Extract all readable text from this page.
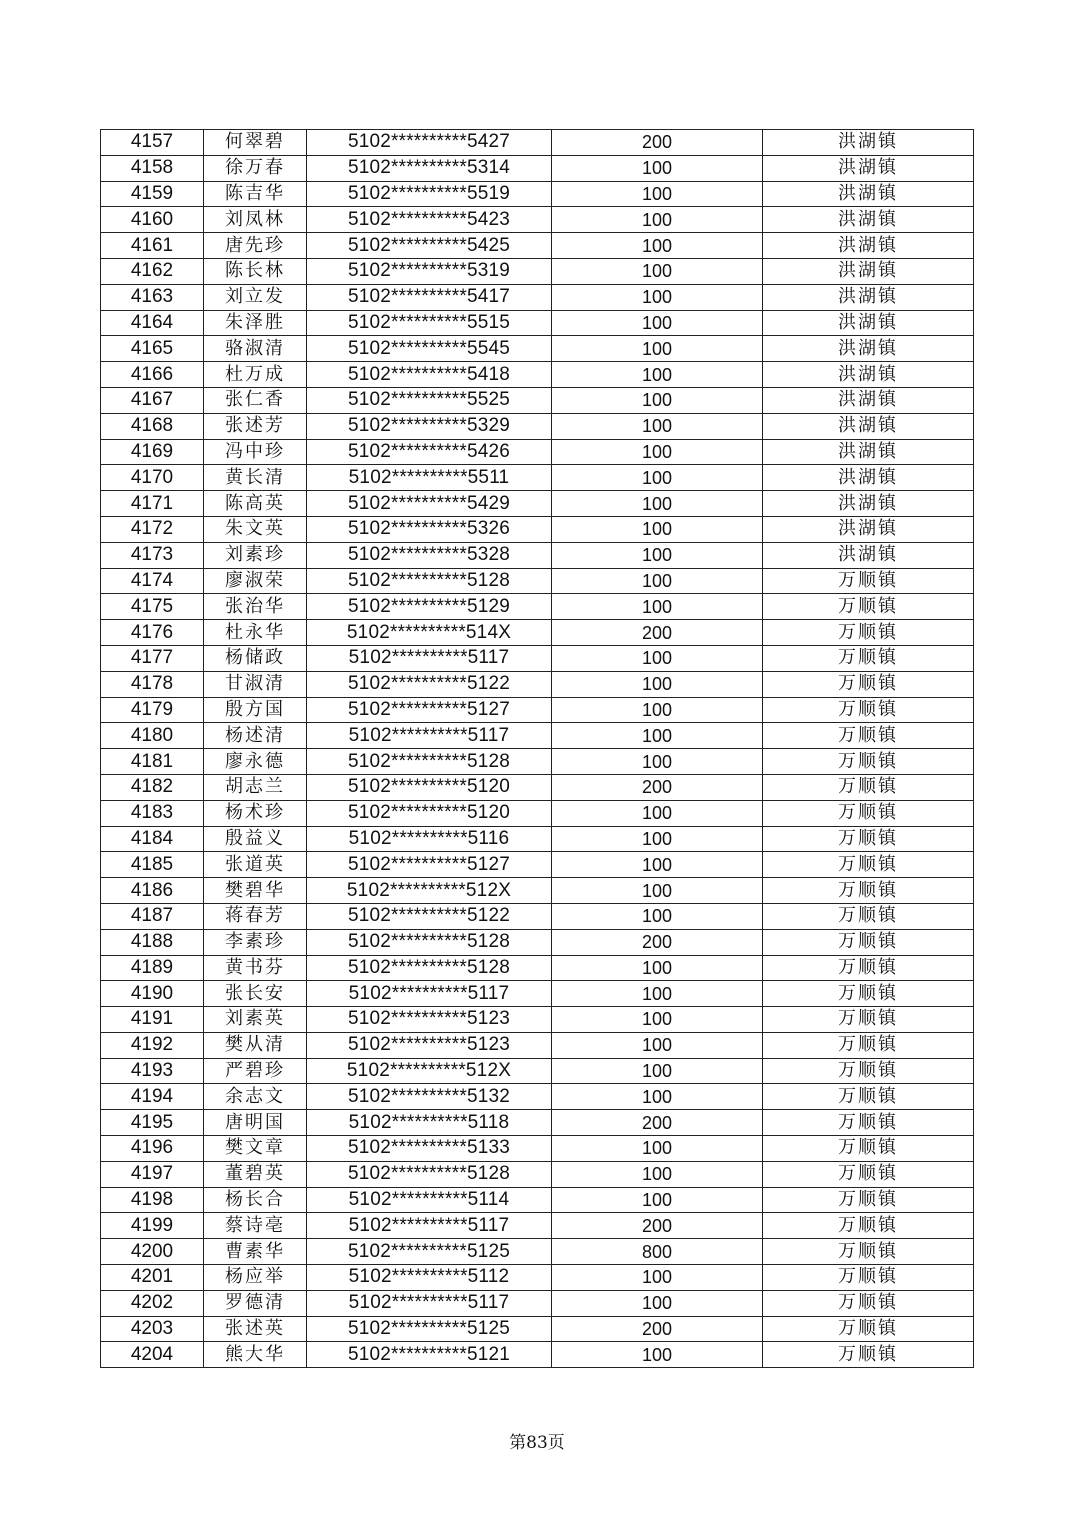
4157	何翠碧	5102**********5427	200	洪湖镇
4158	徐万春	5102**********5314	100	洪湖镇
4159	陈吉华	5102**********5519	100	洪湖镇
4160	刘凤林	5102**********5423	100	洪湖镇
4161	唐先珍	5102**********5425	100	洪湖镇
4162	陈长林	5102**********5319	100	洪湖镇
4163	刘立发	5102**********5417	100	洪湖镇
4164	朱泽胜	5102**********5515	100	洪湖镇
4165	骆淑清	5102**********5545	100	洪湖镇
4166	杜万成	5102**********5418	100	洪湖镇
4167	张仁香	5102**********5525	100	洪湖镇
4168	张述芳	5102**********5329	100	洪湖镇
4169	冯中珍	5102**********5426	100	洪湖镇
4170	黄长清	5102**********5511	100	洪湖镇
4171	陈高英	5102**********5429	100	洪湖镇
4172	朱文英	5102**********5326	100	洪湖镇
4173	刘素珍	5102**********5328	100	洪湖镇
4174	廖淑荣	5102**********5128	100	万顺镇
4175	张治华	5102**********5129	100	万顺镇
4176	杜永华	5102**********514X	200	万顺镇
4177	杨储政	5102**********5117	100	万顺镇
4178	甘淑清	5102**********5122	100	万顺镇
4179	殷方国	5102**********5127	100	万顺镇
4180	杨述清	5102**********5117	100	万顺镇
4181	廖永德	5102**********5128	100	万顺镇
4182	胡志兰	5102**********5120	200	万顺镇
4183	杨术珍	5102**********5120	100	万顺镇
4184	殷益义	5102**********5116	100	万顺镇
4185	张道英	5102**********5127	100	万顺镇
4186	樊碧华	5102**********512X	100	万顺镇
4187	蒋春芳	5102**********5122	100	万顺镇
4188	李素珍	5102**********5128	200	万顺镇
4189	黄书芬	5102**********5128	100	万顺镇
4190	张长安	5102**********5117	100	万顺镇
4191	刘素英	5102**********5123	100	万顺镇
4192	樊从清	5102**********5123	100	万顺镇
4193	严碧珍	5102**********512X	100	万顺镇
4194	余志文	5102**********5132	100	万顺镇
4195	唐明国	5102**********5118	200	万顺镇
4196	樊文章	5102**********5133	100	万顺镇
4197	董碧英	5102**********5128	100	万顺镇
4198	杨长合	5102**********5114	100	万顺镇
4199	蔡诗亳	5102**********5117	200	万顺镇
4200	曹素华	5102**********5125	800	万顺镇
4201	杨应举	5102**********5112	100	万顺镇
4202	罗德清	5102**********5117	100	万顺镇
4203	张述英	5102**********5125	200	万顺镇
4204	熊大华	5102**********5121	100	万顺镇
第83页
